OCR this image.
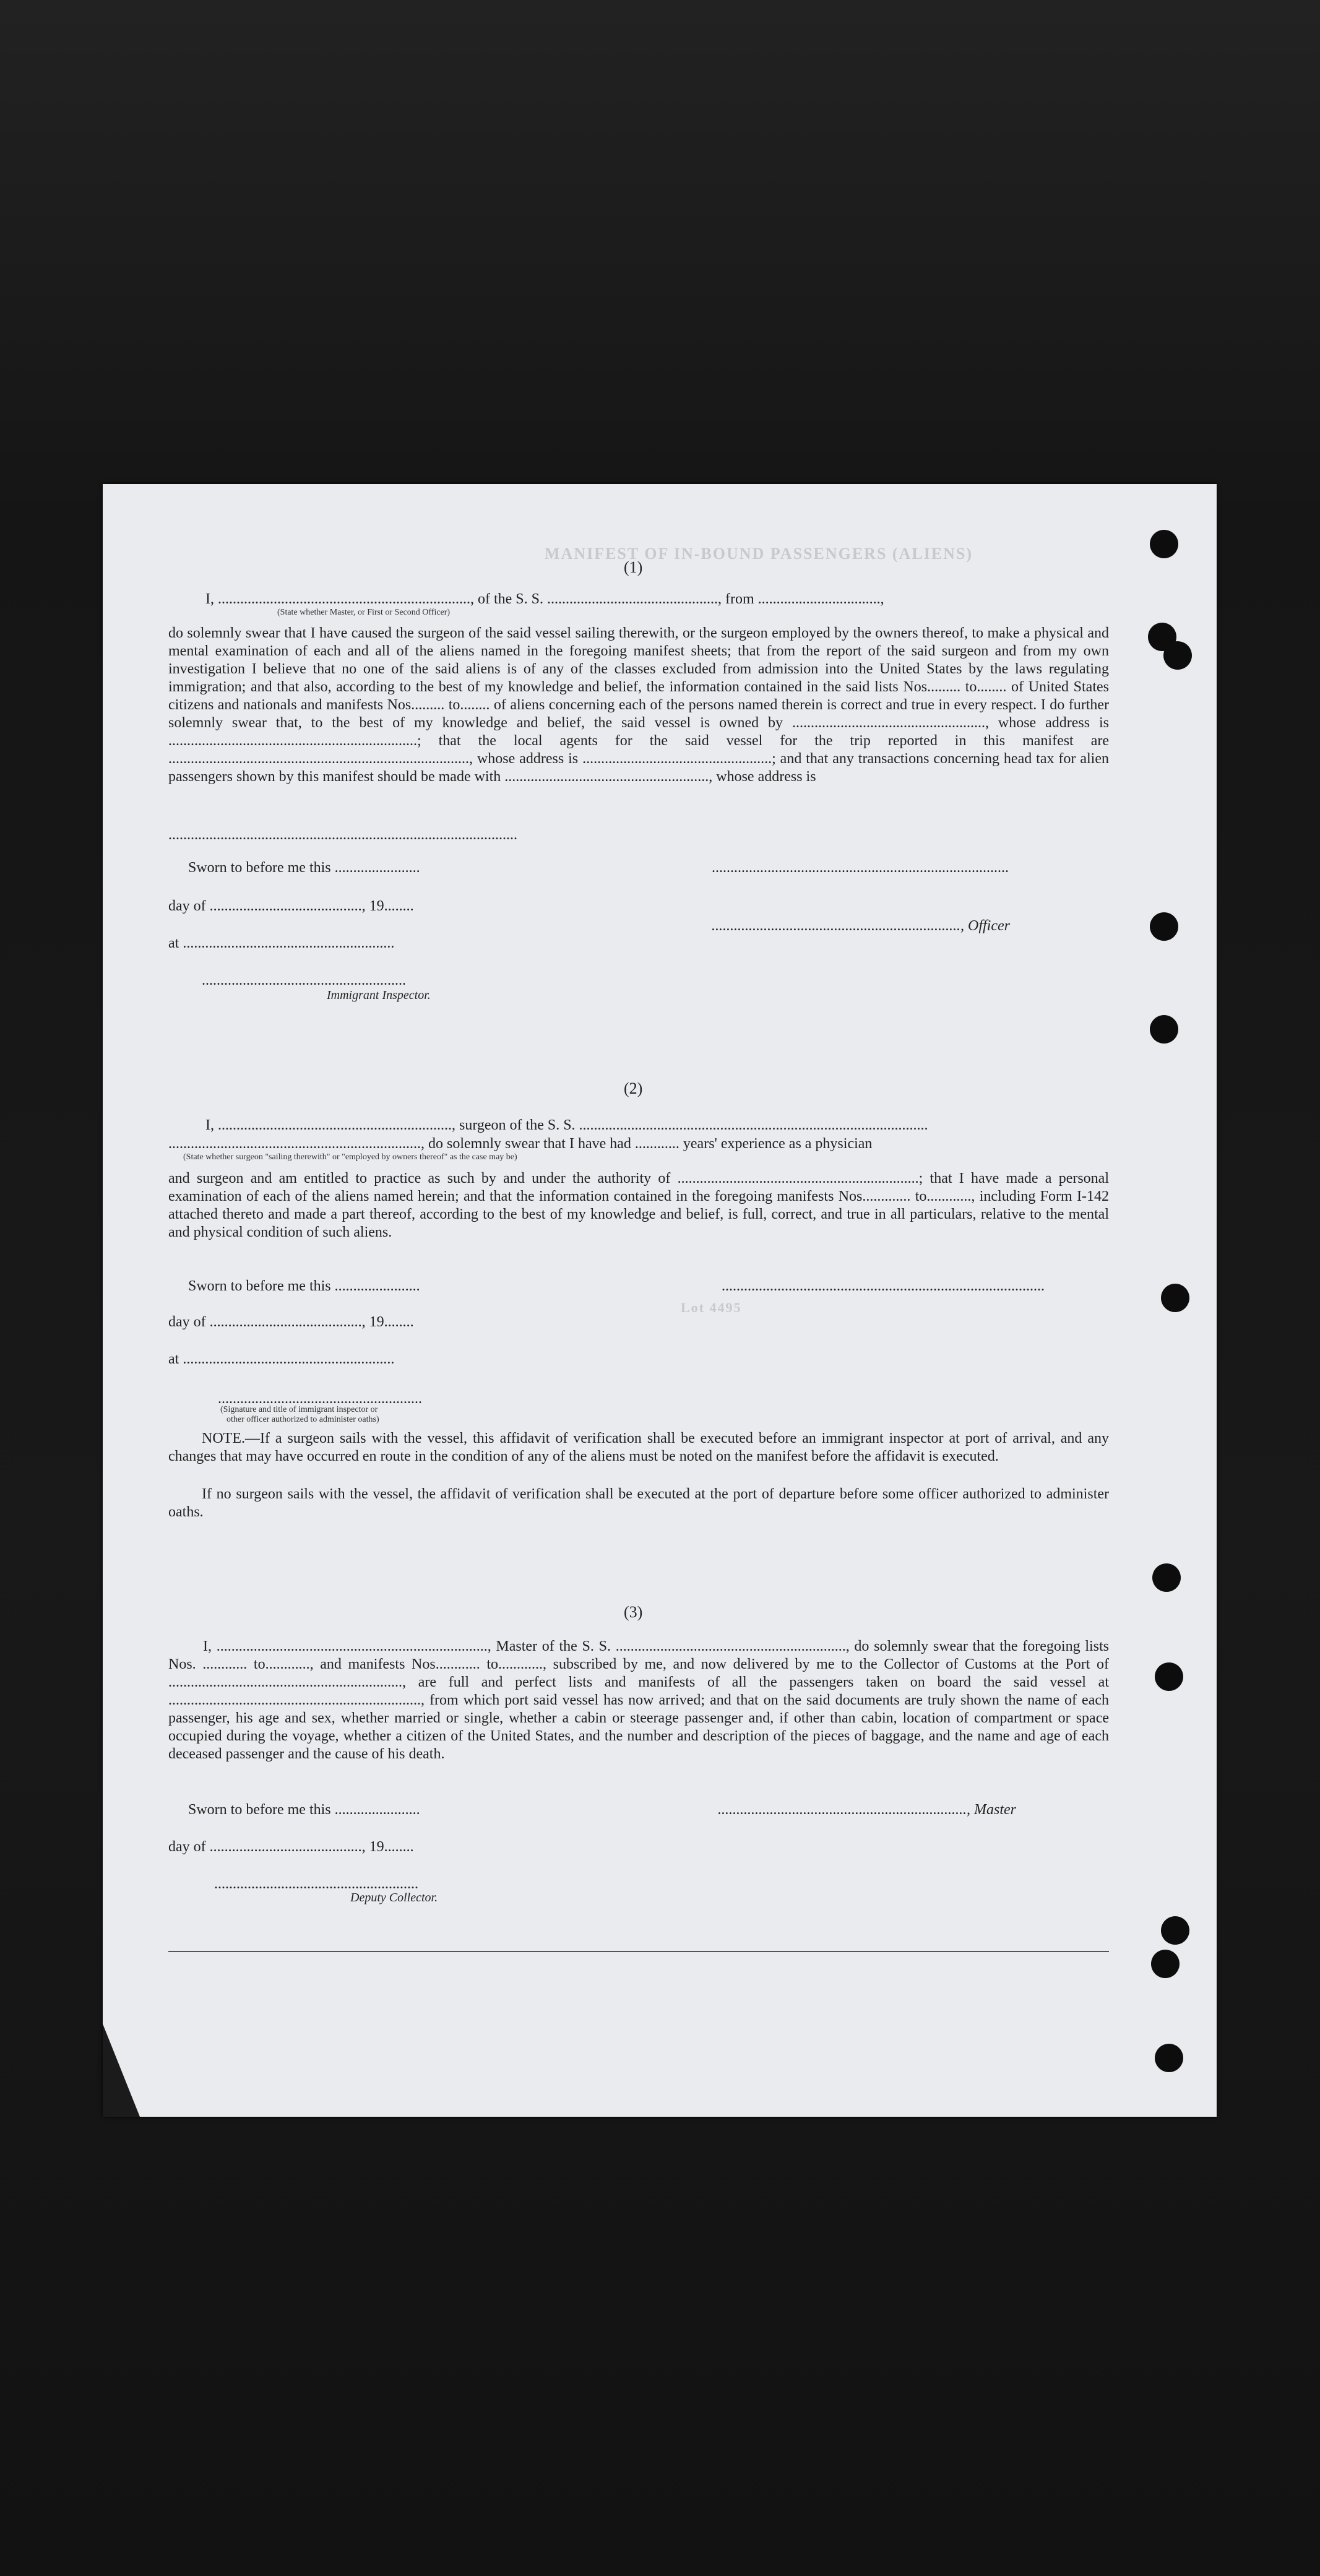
MANIFEST OF IN-BOUND PASSENGERS (ALIENS)
Lot 4495
(1)
I, ...................................................................., of the S. S. .............................................., from .................................,
(State whether Master, or First or Second Officer)
do solemnly swear that I have caused the surgeon of the said vessel sailing therewith, or the surgeon employed by the owners thereof, to make a physical and mental examination of each and all of the aliens named in the foregoing manifest sheets; that from the report of the said surgeon and from my own investigation I believe that no one of the said aliens is of any of the classes excluded from admission into the United States by the laws regulating immigration; and that also, according to the best of my knowledge and belief, the information contained in the said lists Nos......... to........ of United States citizens and nationals and manifests Nos......... to........ of aliens concerning each of the persons named therein is correct and true in every respect. I do further solemnly swear that, to the best of my knowledge and belief, the said vessel is owned by ...................................................., whose address is ...................................................................; that the local agents for the said vessel for the trip reported in this manifest are ................................................................................., whose address is ...................................................; and that any transactions concerning head tax for alien passengers shown by this manifest should be made with ......................................................., whose address is
..............................................................................................
Sworn to before me this .......................	................................................................................
day of ........................................., 19........
..................................................................., Officer
at .........................................................
.......................................................
Immigrant Inspector.
(2)
I, ..............................................................., surgeon of the S. S. ..............................................................................................
...................................................................., do solemnly swear that I have had ............ years' experience as a physician
(State whether surgeon "sailing therewith" or "employed by owners thereof" as the case may be)
and surgeon and am entitled to practice as such by and under the authority of .................................................................; that I have made a personal examination of each of the aliens named herein; and that the information contained in the foregoing manifests Nos............. to............, including Form I-142 attached thereto and made a part thereof, according to the best of my knowledge and belief, is full, correct, and true in all particulars, relative to the mental and physical condition of such aliens.
Sworn to before me this .......................	.......................................................................................
day of ........................................., 19........
at .........................................................
.......................................................
(Signature and title of immigrant inspector or
other officer authorized to administer oaths)
NOTE.—If a surgeon sails with the vessel, this affidavit of verification shall be executed before an immigrant inspector at port of arrival, and any changes that may have occurred en route in the condition of any of the aliens must be noted on the manifest before the affidavit is executed.
If no surgeon sails with the vessel, the affidavit of verification shall be executed at the port of departure before some officer authorized to administer oaths.
(3)
I, ........................................................................., Master of the S. S. .............................................................., do solemnly swear that the foregoing lists Nos. ............ to............, and manifests Nos............ to............, subscribed by me, and now delivered by me to the Collector of Customs at the Port of ..............................................................., are full and perfect lists and manifests of all the passengers taken on board the said vessel at ...................................................................., from which port said vessel has now arrived; and that on the said documents are truly shown the name of each passenger, his age and sex, whether married or single, whether a cabin or steerage passenger and, if other than cabin, location of compartment or space occupied during the voyage, whether a citizen of the United States, and the number and description of the pieces of baggage, and the name and age of each deceased passenger and the cause of his death.
Sworn to before me this .......................	..................................................................., Master
day of ........................................., 19........
.......................................................
Deputy Collector.
